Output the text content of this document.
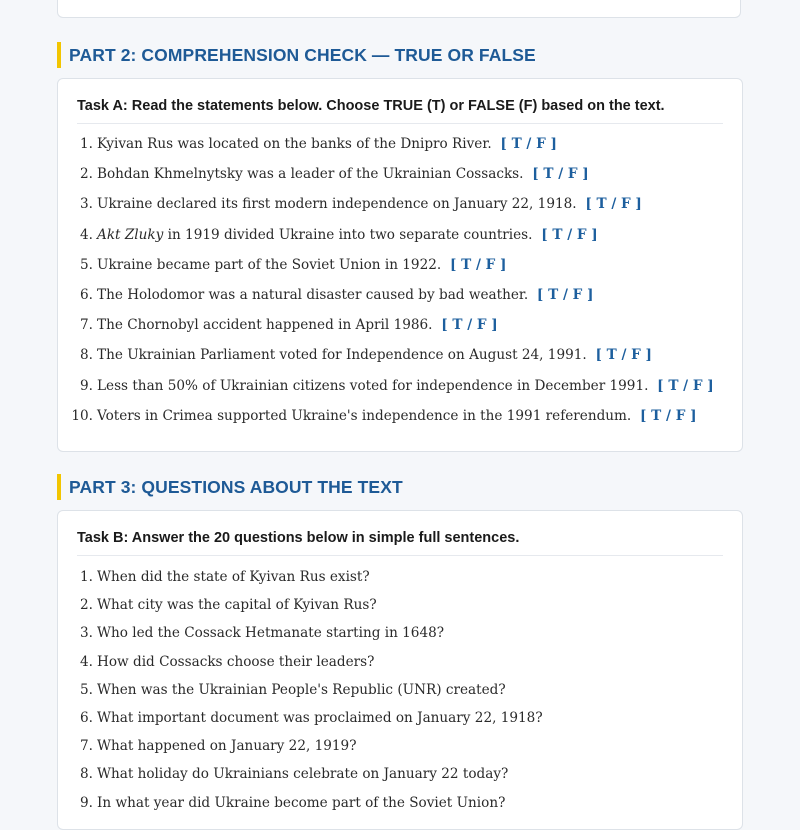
PART 2: COMPREHENSION CHECK — TRUE OR FALSE
Task A: Read the statements below. Choose TRUE (T) or FALSE (F) based on the text.
1. Kyivan Rus was located on the banks of the Dnipro River. [ T / F ]
2. Bohdan Khmelnytsky was a leader of the Ukrainian Cossacks. [ T / F ]
3. Ukraine declared its first modern independence on January 22, 1918. [ T / F ]
4. Akt Zluky in 1919 divided Ukraine into two separate countries. [ T / F ]
5. Ukraine became part of the Soviet Union in 1922. [ T / F ]
6. The Holodomor was a natural disaster caused by bad weather. [ T / F ]
7. The Chornobyl accident happened in April 1986. [ T / F ]
8. The Ukrainian Parliament voted for Independence on August 24, 1991. [ T / F ]
9. Less than 50% of Ukrainian citizens voted for independence in December 1991. [ T / F ]
10. Voters in Crimea supported Ukraine's independence in the 1991 referendum. [ T / F ]
PART 3: QUESTIONS ABOUT THE TEXT
Task B: Answer the 20 questions below in simple full sentences.
1. When did the state of Kyivan Rus exist?
2. What city was the capital of Kyivan Rus?
3. Who led the Cossack Hetmanate starting in 1648?
4. How did Cossacks choose their leaders?
5. When was the Ukrainian People's Republic (UNR) created?
6. What important document was proclaimed on January 22, 1918?
7. What happened on January 22, 1919?
8. What holiday do Ukrainians celebrate on January 22 today?
9. In what year did Ukraine become part of the Soviet Union?
